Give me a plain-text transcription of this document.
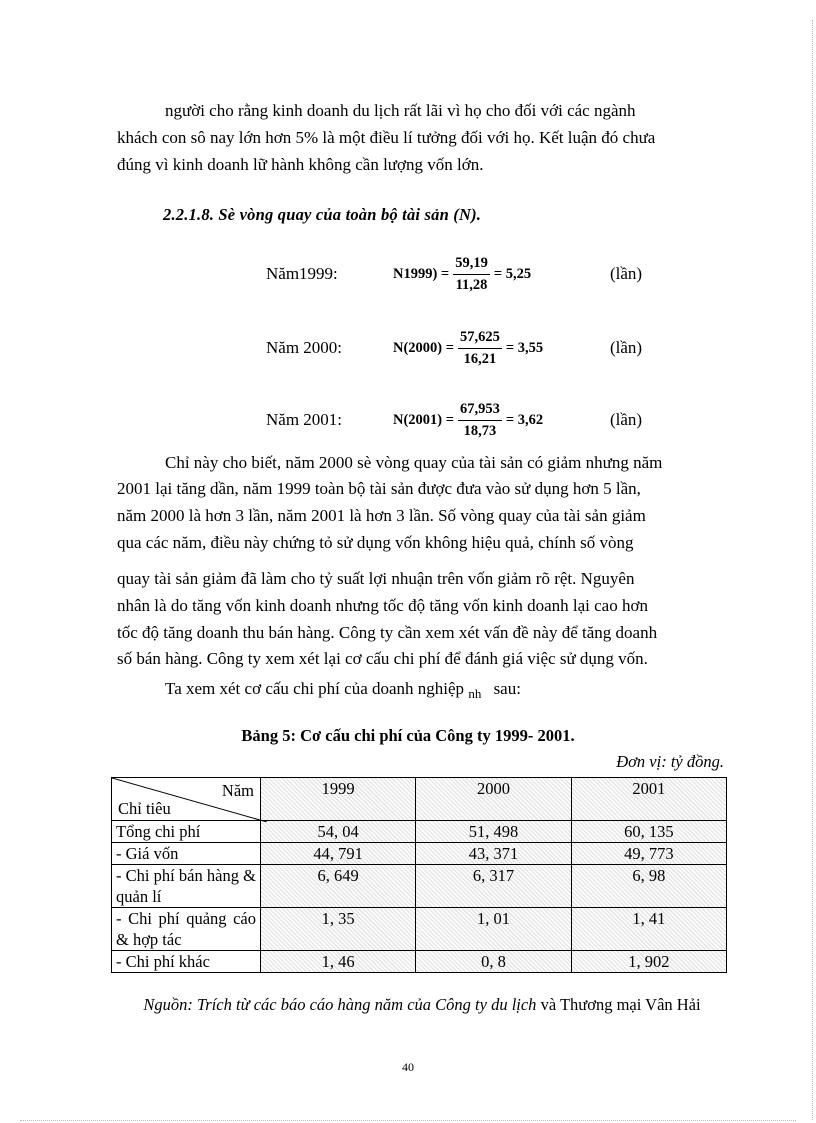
người cho rằng kinh doanh du lịch rất lãi vì họ cho đối với các ngành
khách con sô nay lớn hơn 5% là một điều lí tưởng đối với họ. Kết luận đó chưa
đúng vì kinh doanh lữ hành không cần lượng vốn lớn.
2.2.1.8. Sè vòng quay của toàn bộ tài sản (N).
Năm1999:	$N1999) = \frac{59,19}{11,28} = 5,25$	(lần)
Năm 2000:	$N(2000) = \frac{57,625}{16,21} = 3,55$	(lần)
Năm 2001:	$N(2001) = \frac{67,953}{18,73} = 3,62$	(lần)
Chỉ này cho biết, năm 2000 sè vòng quay của tài sản có giảm nhưng năm
2001 lại tăng dần, năm 1999 toàn bộ tài sản được đưa vào sử dụng hơn 5 lần,
năm 2000 là hơn 3 lần, năm 2001 là hơn 3 lần. Số vòng quay của tài sản giảm
qua các năm, điều này chứng tỏ sử dụng vốn không hiệu quả, chính số vòng
quay tài sản giảm đã làm cho tỷ suất lợi nhuận trên vốn giảm rõ rệt. Nguyên
nhân là do tăng vốn kinh doanh nhưng tốc độ tăng vốn kinh doanh lại cao hơn
tốc độ tăng doanh thu bán hàng. Công ty cần xem xét vấn đề này để tăng doanh
số bán hàng. Công ty xem xét lại cơ cấu chi phí để đánh giá việc sử dụng vốn.
Ta xem xét cơ cấu chi phí của doanh nghiệp $_{nh}$ sau:
Bảng 5: Cơ cấu chi phí của Công ty 1999- 2001.
Đơn vị: tỷ đồng.
Năm
Chỉ tiêu	1999	2000	2001
Tổng chi phí	54, 04	51, 498	60, 135
- Giá vốn	44, 791	43, 371	49, 773
- Chi phí bán hàng & quản lí	6, 649	6, 317	6, 98
- Chi phí quảng cáo & hợp tác	1, 35	1, 01	1, 41
- Chi phí khác	1, 46	0, 8	1, 902
Nguồn: Trích từ các báo cáo hàng năm của Công ty du lịch và Thương mại Vân Hải
40
